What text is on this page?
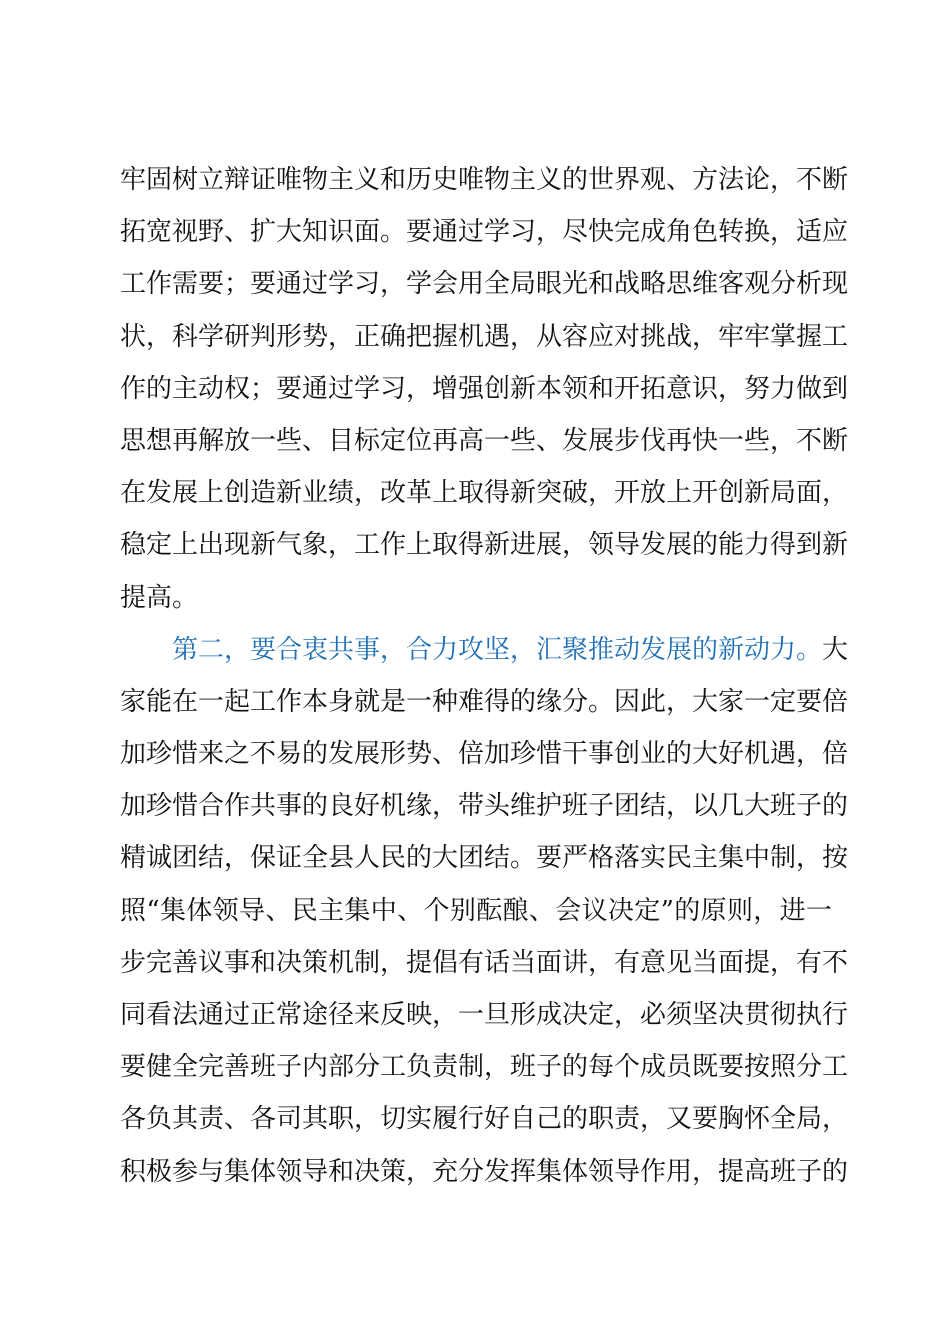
牢固树立辩证唯物主义和历史唯物主义的世界观、方法论，不断
拓宽视野、扩大知识面。要通过学习，尽快完成角色转换，适应
工作需要；要通过学习，学会用全局眼光和战略思维客观分析现
状，科学研判形势，正确把握机遇，从容应对挑战，牢牢掌握工
作的主动权；要通过学习，增强创新本领和开拓意识，努力做到
思想再解放一些、目标定位再高一些、发展步伐再快一些，不断
在发展上创造新业绩，改革上取得新突破，开放上开创新局面，
稳定上出现新气象，工作上取得新进展，领导发展的能力得到新
提高。
第二，要合衷共事，合力攻坚，汇聚推动发展的新动力。大
家能在一起工作本身就是一种难得的缘分。因此，大家一定要倍
加珍惜来之不易的发展形势、倍加珍惜干事创业的大好机遇，倍
加珍惜合作共事的良好机缘，带头维护班子团结，以几大班子的
精诚团结，保证全县人民的大团结。要严格落实民主集中制，按
照“集体领导、民主集中、个别酝酿、会议决定”的原则，进一
步完善议事和决策机制，提倡有话当面讲，有意见当面提，有不
同看法通过正常途径来反映，一旦形成决定，必须坚决贯彻执行
要健全完善班子内部分工负责制，班子的每个成员既要按照分工
各负其责、各司其职，切实履行好自己的职责，又要胸怀全局，
积极参与集体领导和决策，充分发挥集体领导作用，提高班子的
